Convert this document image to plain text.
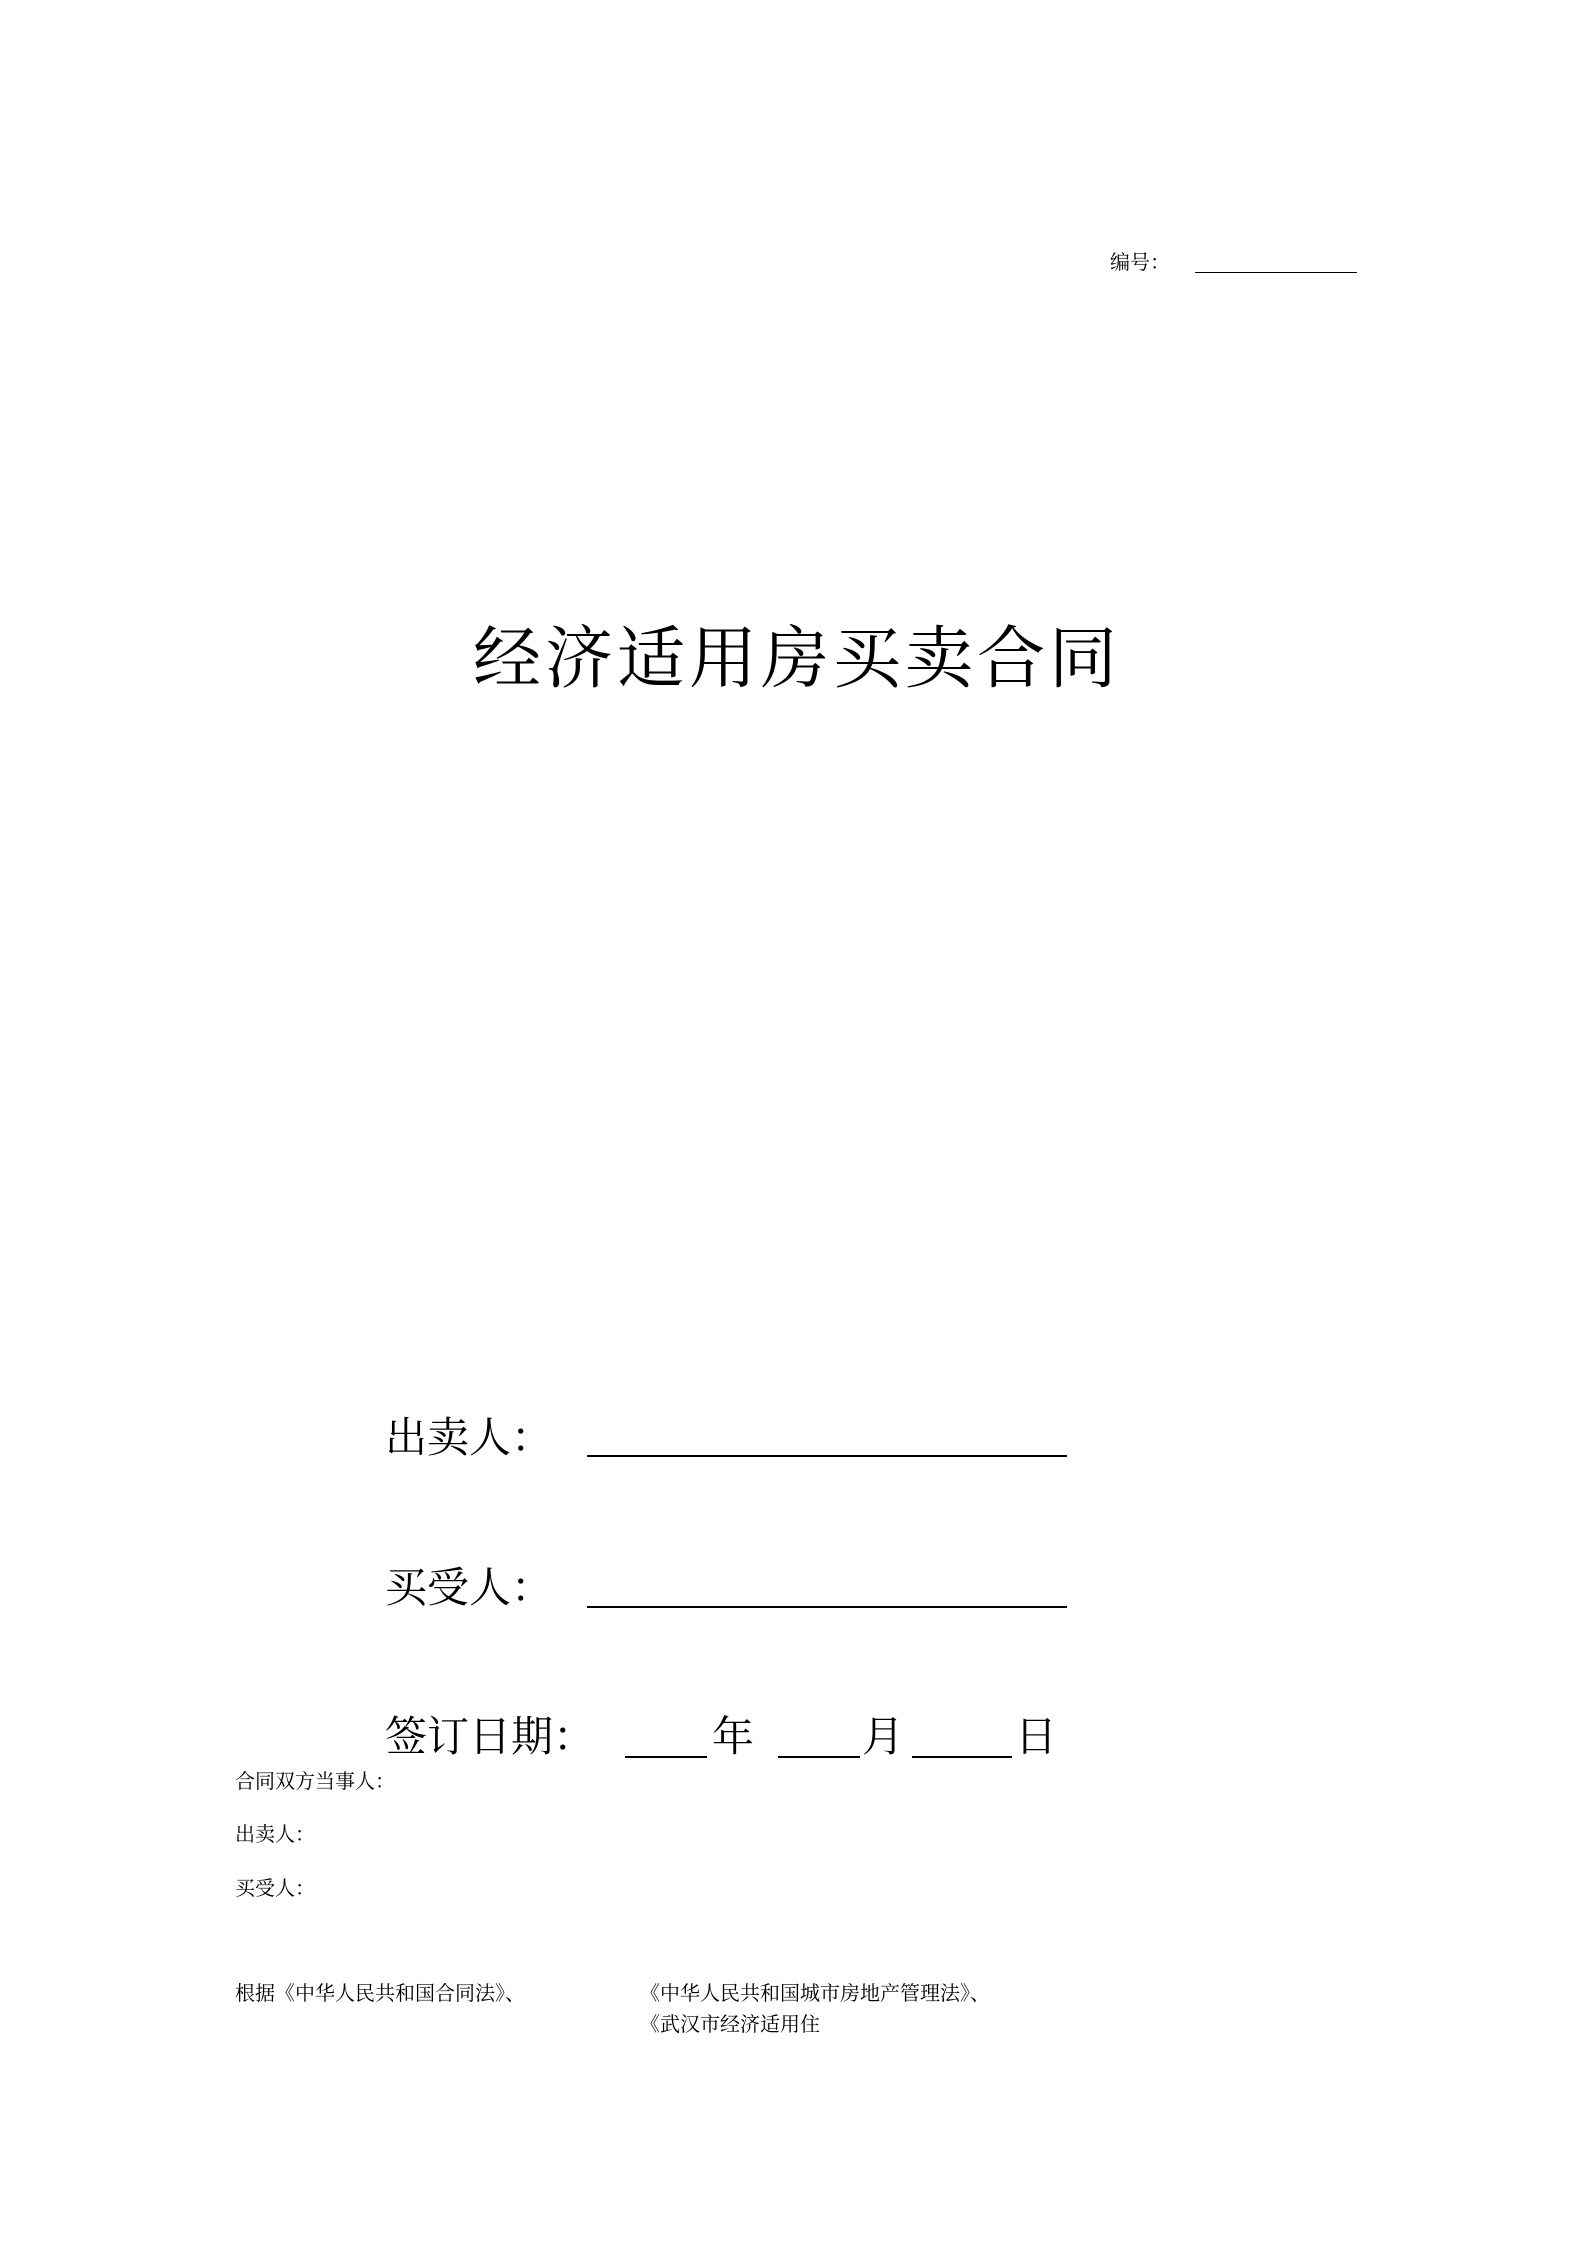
编号：
经济适用房买卖合同
出卖人：
买受人：
签订日期：	年	月	日
合同双方当事人：
出卖人：
买受人：
根据《中华人民共和国合同法》、	《中华人民共和国城市房地产管理法》、
《武汉市经济适用住
